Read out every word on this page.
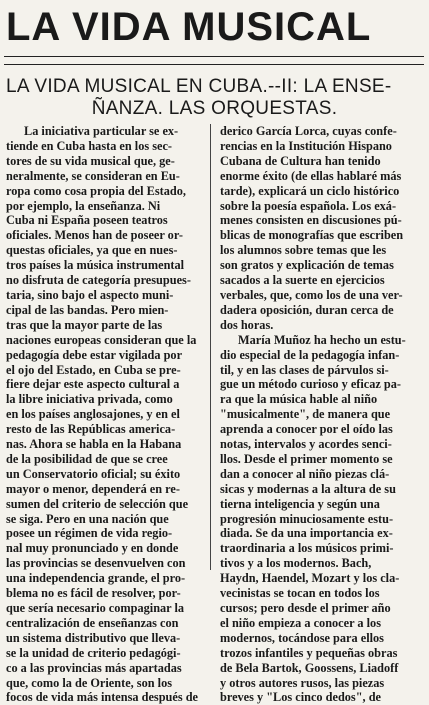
LA VIDA MUSICAL
LA VIDA MUSICAL EN CUBA.--II: LA ENSE-
ÑANZA. LAS ORQUESTAS.
La iniciativa particular se ex-
tiende en Cuba hasta en los sec-
tores de su vida musical que, ge-
neralmente, se consideran en Eu-
ropa como cosa propia del Estado,
por ejemplo, la enseñanza. Ni
Cuba ni España poseen teatros
oficiales. Menos han de poseer or-
questas oficiales, ya que en nues-
tros países la música instrumental
no disfruta de categoría presupues-
taria, sino bajo el aspecto muni-
cipal de las bandas. Pero mien-
tras que la mayor parte de las
naciones europeas consideran que la
pedagogía debe estar vigilada por
el ojo del Estado, en Cuba se pre-
fiere dejar este aspecto cultural a
la libre iniciativa privada, como
en los países anglosajones, y en el
resto de las Repúblicas america-
nas. Ahora se habla en la Habana
de la posibilidad de que se cree
un Conservatorio oficial; su éxito
mayor o menor, dependerá en re-
sumen del criterio de selección que
se siga. Pero en una nación que
posee un régimen de vida regio-
nal muy pronunciado y en donde
las provincias se desenvuelven con
una independencia grande, el pro-
blema no es fácil de resolver, por-
que sería necesario compaginar la
centralización de enseñanzas con
un sistema distributivo que lleva-
se la unidad de criterio pedagógi-
co a las provincias más apartadas
que, como la de Oriente, son los
focos de vida más intensa después de
derico García Lorca, cuyas confe-
rencias en la Institución Hispano
Cubana de Cultura han tenido
enorme éxito (de ellas hablaré más
tarde), explicará un ciclo histórico
sobre la poesía española. Los exá-
menes consisten en discusiones pú-
blicas de monografías que escriben
los alumnos sobre temas que les
son gratos y explicación de temas
sacados a la suerte en ejercicios
verbales, que, como los de una ver-
dadera oposición, duran cerca de
dos horas.
María Muñoz ha hecho un estu-
dio especial de la pedagogía infan-
til, y en las clases de párvulos si-
gue un método curioso y eficaz pa-
ra que la música hable al niño
"musicalmente", de manera que
aprenda a conocer por el oído las
notas, intervalos y acordes senci-
llos. Desde el primer momento se
dan a conocer al niño piezas clá-
sicas y modernas a la altura de su
tierna inteligencia y según una
progresión minuciosamente estu-
diada. Se da una importancia ex-
traordinaria a los músicos primi-
tivos y a los modernos. Bach,
Haydn, Haendel, Mozart y los cla-
vecinistas se tocan en todos los
cursos; pero desde el primer año
el niño empieza a conocer a los
modernos, tocándose para ellos
trozos infantiles y pequeñas obras
de Bela Bartok, Goossens, Liadoff
y otros autores rusos, las piezas
breves y "Los cinco dedos", de
